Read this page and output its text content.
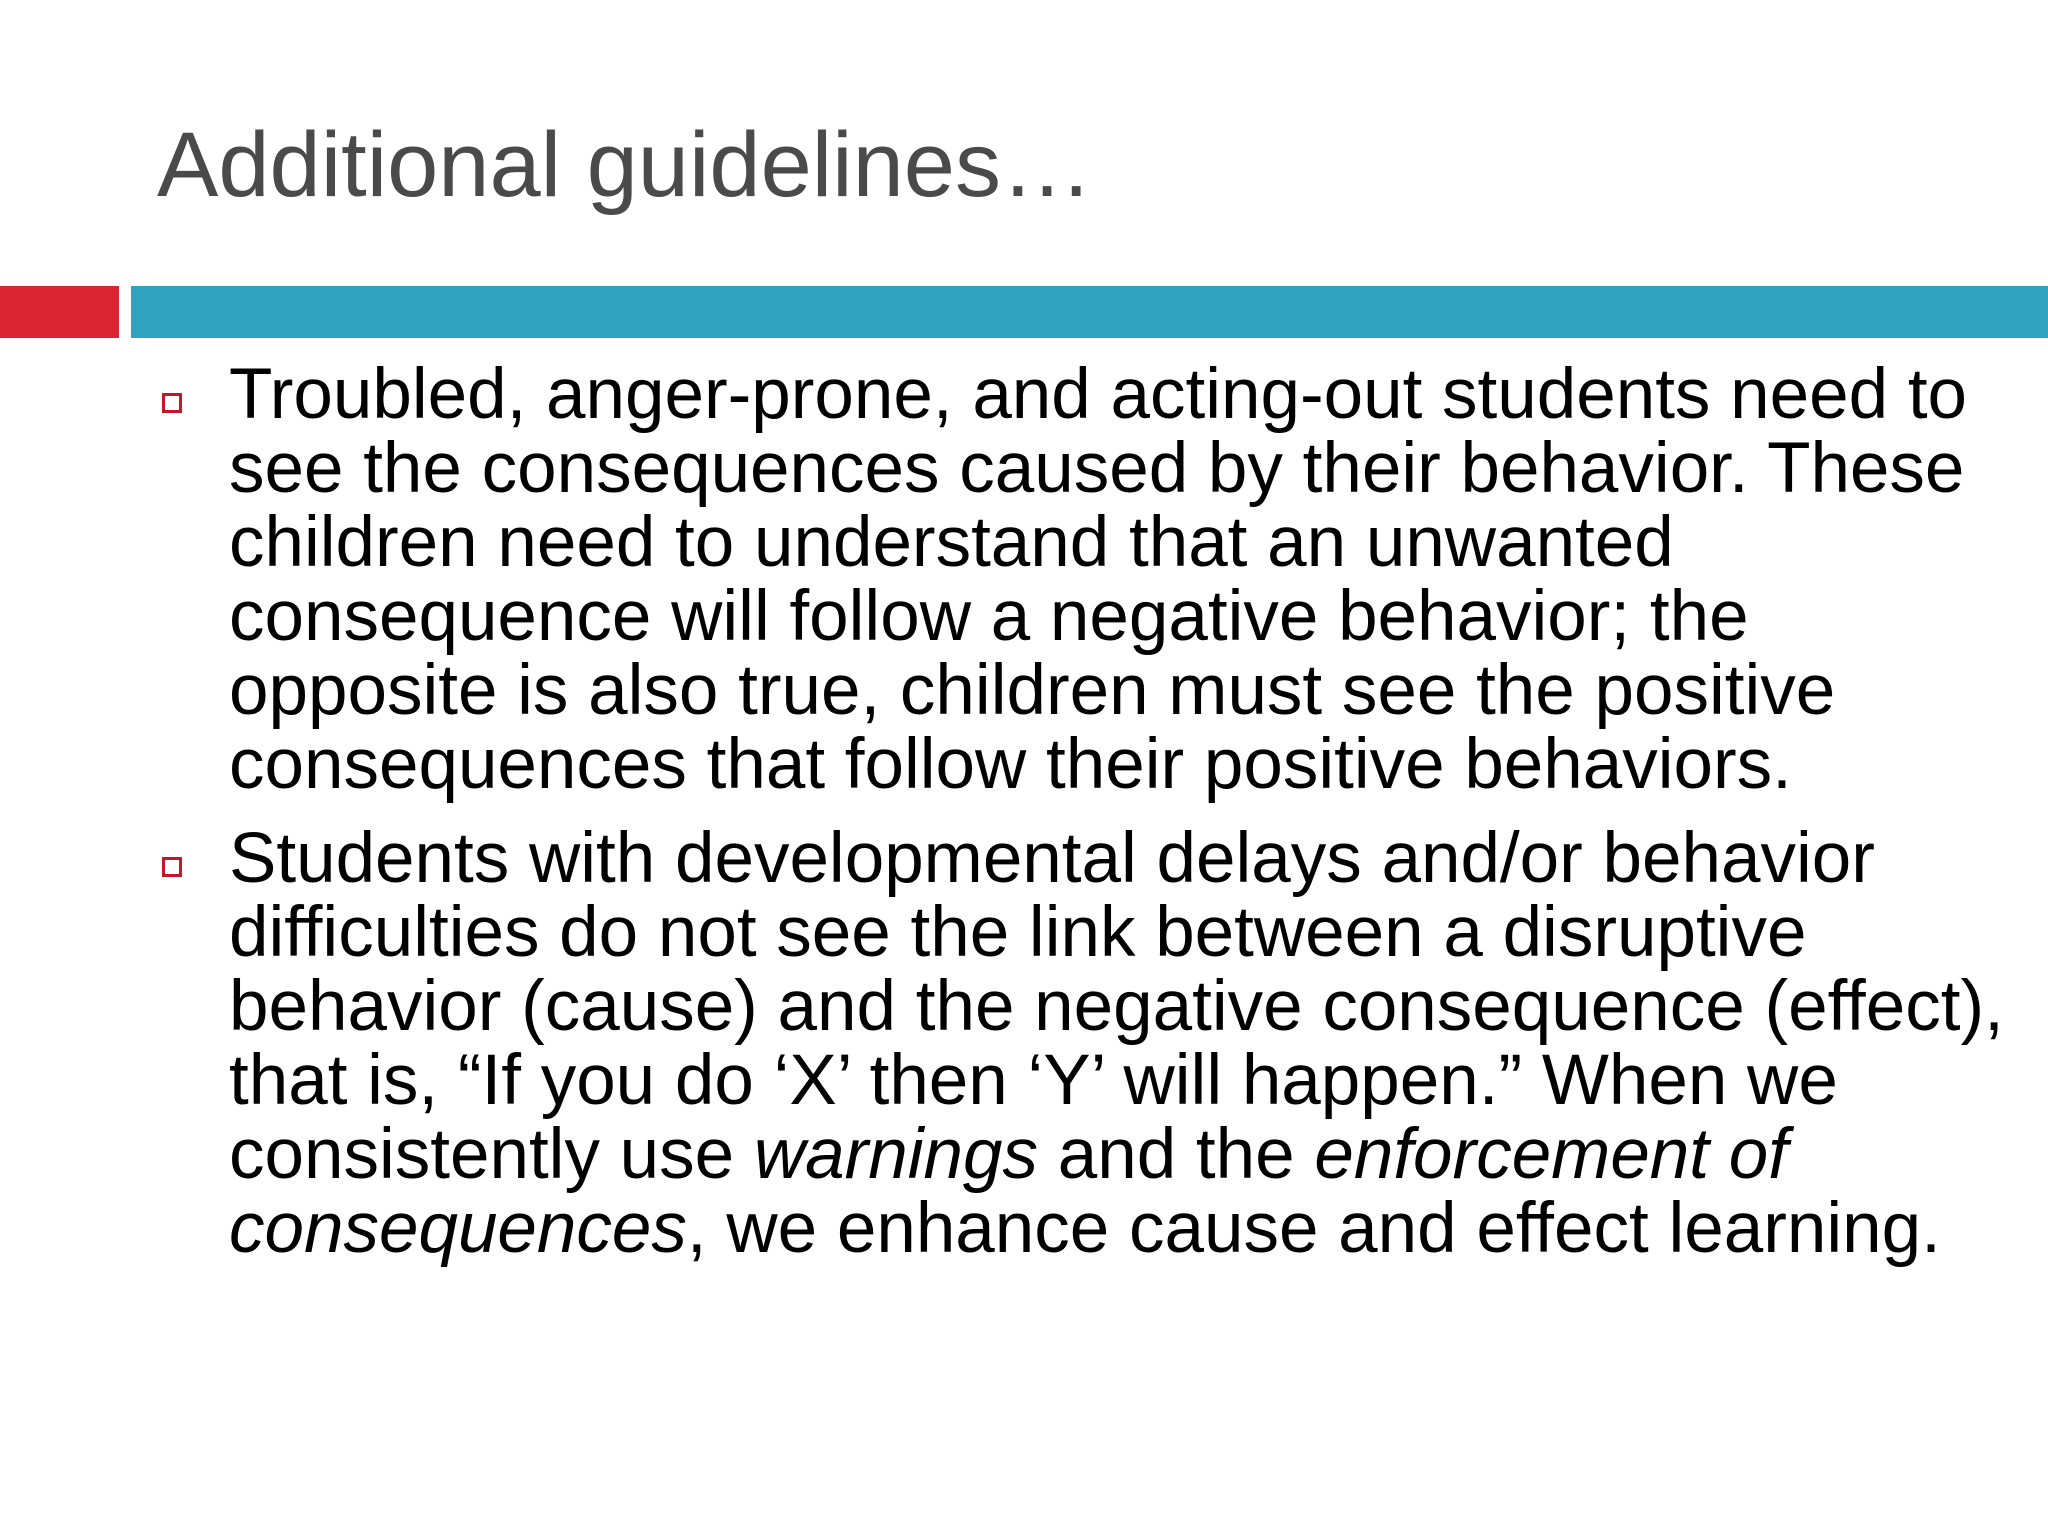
Additional guidelines…

Troubled, anger-prone, and acting-out students need to see the consequences caused by their behavior. These children need to understand that an unwanted consequence will follow a negative behavior; the opposite is also true, children must see the positive consequences that follow their positive behaviors.

Students with developmental delays and/or behavior difficulties do not see the link between a disruptive behavior (cause) and the negative consequence (effect), that is, “If you do ‘X’ then ‘Y’ will happen.” When we consistently use warnings and the enforcement of consequences, we enhance cause and effect learning.
